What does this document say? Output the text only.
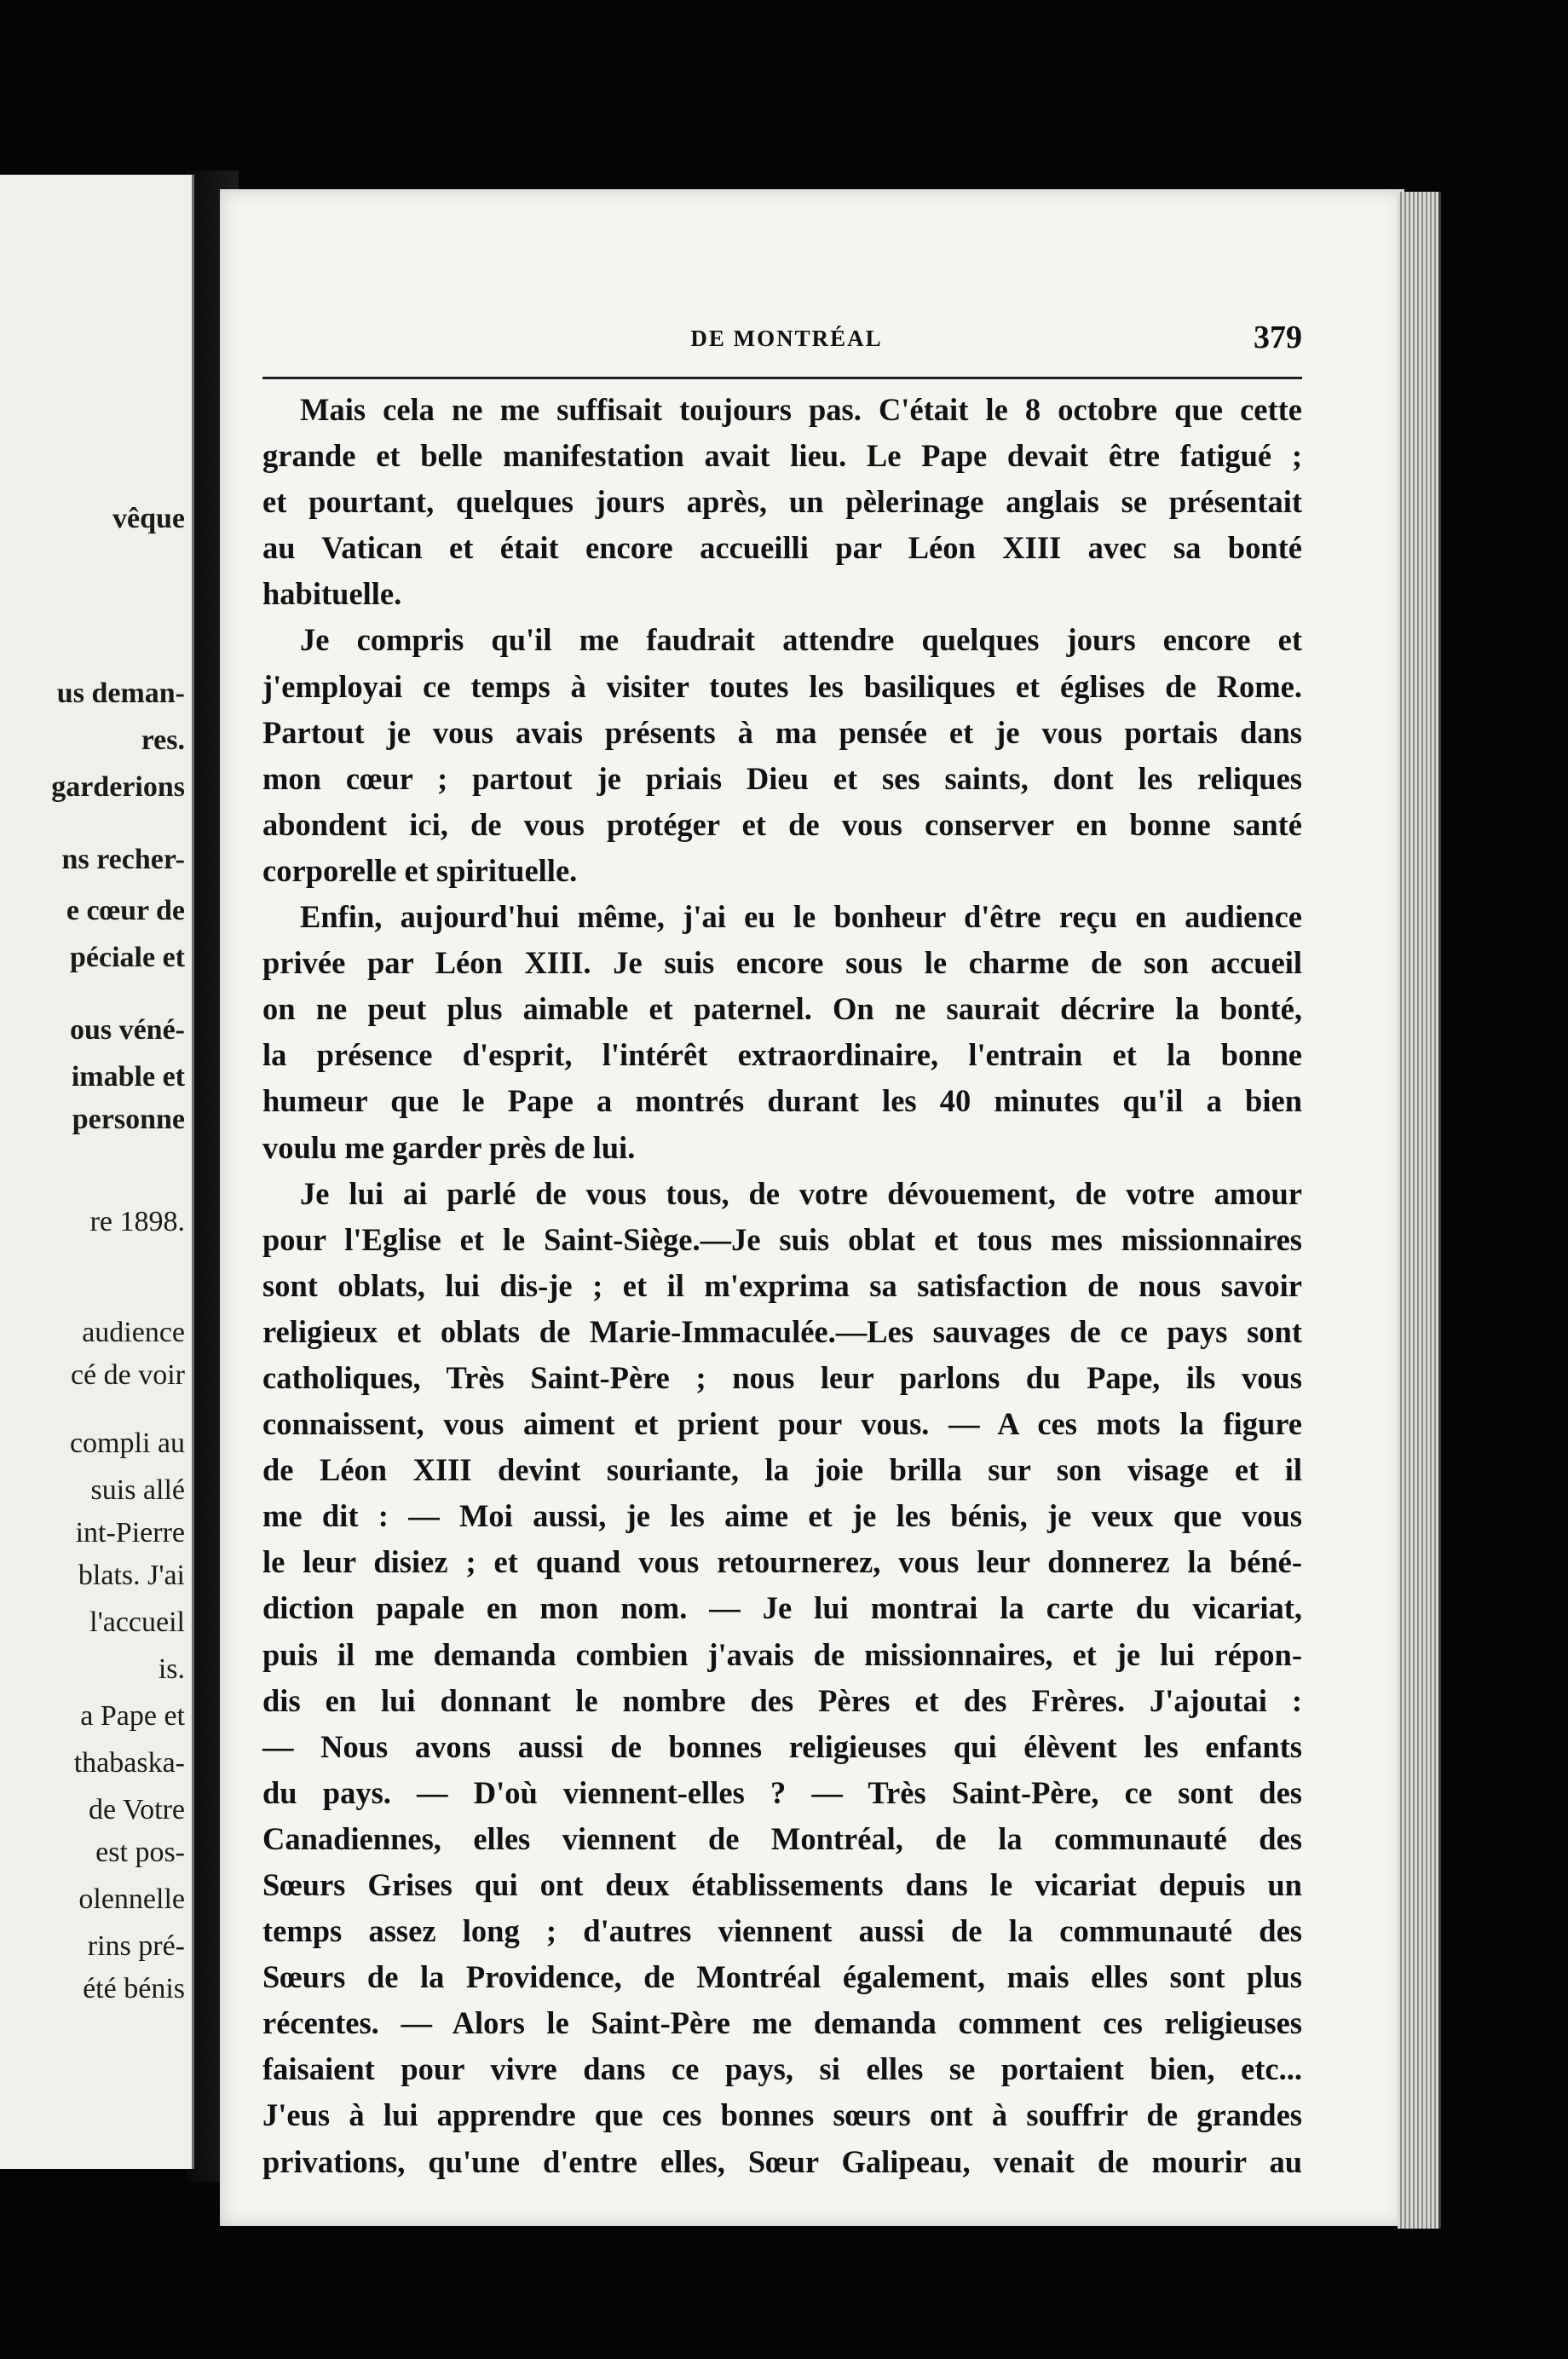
vêque
us deman-
res.
garderions
ns recher-
e cœur de
péciale et
ous véné-
imable et
personne
re 1898.
audience
cé de voir
compli au
suis allé
int-Pierre
blats. J'ai
l'accueil
is.
a Pape et
thabaska-
de Votre
est pos-
olennelle
rins pré-
été bénis
DE MONTRÉAL	379

Mais cela ne me suffisait toujours pas. C'était le 8 octobre que cette

grande et belle manifestation avait lieu. Le Pape devait être fatigué ;

et pourtant, quelques jours après, un pèlerinage anglais se présentait

au Vatican et était encore accueilli par Léon XIII avec sa bonté

habituelle.

Je compris qu'il me faudrait attendre quelques jours encore et

j'employai ce temps à visiter toutes les basiliques et églises de Rome.

Partout je vous avais présents à ma pensée et je vous portais dans

mon cœur ; partout je priais Dieu et ses saints, dont les reliques

abondent ici, de vous protéger et de vous conserver en bonne santé

corporelle et spirituelle.

Enfin, aujourd'hui même, j'ai eu le bonheur d'être reçu en audience

privée par Léon XIII. Je suis encore sous le charme de son accueil

on ne peut plus aimable et paternel. On ne saurait décrire la bonté,

la présence d'esprit, l'intérêt extraordinaire, l'entrain et la bonne

humeur que le Pape a montrés durant les 40 minutes qu'il a bien

voulu me garder près de lui.

Je lui ai parlé de vous tous, de votre dévouement, de votre amour

pour l'Eglise et le Saint-Siège.—Je suis oblat et tous mes missionnaires

sont oblats, lui dis-je ; et il m'exprima sa satisfaction de nous savoir

religieux et oblats de Marie-Immaculée.—Les sauvages de ce pays sont

catholiques, Très Saint-Père ; nous leur parlons du Pape, ils vous

connaissent, vous aiment et prient pour vous. — A ces mots la figure

de Léon XIII devint souriante, la joie brilla sur son visage et il

me dit : — Moi aussi, je les aime et je les bénis, je veux que vous

le leur disiez ; et quand vous retournerez, vous leur donnerez la béné-

diction papale en mon nom. — Je lui montrai la carte du vicariat,

puis il me demanda combien j'avais de missionnaires, et je lui répon-

dis en lui donnant le nombre des Pères et des Frères. J'ajoutai :

— Nous avons aussi de bonnes religieuses qui élèvent les enfants

du pays. — D'où viennent-elles ? — Très Saint-Père, ce sont des

Canadiennes, elles viennent de Montréal, de la communauté des

Sœurs Grises qui ont deux établissements dans le vicariat depuis un

temps assez long ; d'autres viennent aussi de la communauté des

Sœurs de la Providence, de Montréal également, mais elles sont plus

récentes. — Alors le Saint-Père me demanda comment ces religieuses

faisaient pour vivre dans ce pays, si elles se portaient bien, etc...

J'eus à lui apprendre que ces bonnes sœurs ont à souffrir de grandes

privations, qu'une d'entre elles, Sœur Galipeau, venait de mourir au
